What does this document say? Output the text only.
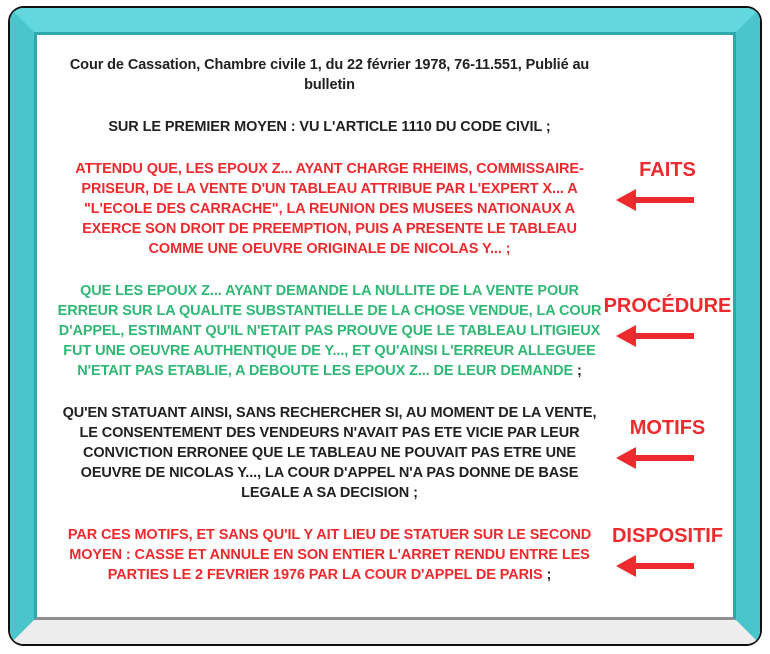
Cour de Cassation, Chambre civile 1, du 22 février 1978, 76-11.551, Publié au bulletin

SUR LE PREMIER MOYEN : VU L'ARTICLE 1110 DU CODE CIVIL ;

ATTENDU QUE, LES EPOUX Z... AYANT CHARGE RHEIMS, COMMISSAIRE-PRISEUR, DE LA VENTE D'UN TABLEAU ATTRIBUE PAR L'EXPERT X... A "L'ECOLE DES CARRACHE", LA REUNION DES MUSEES NATIONAUX A EXERCE SON DROIT DE PREEMPTION, PUIS A PRESENTE LE TABLEAU COMME UNE OEUVRE ORIGINALE DE NICOLAS Y... ;

FAITS

QUE LES EPOUX Z... AYANT DEMANDE LA NULLITE DE LA VENTE POUR ERREUR SUR LA QUALITE SUBSTANTIELLE DE LA CHOSE VENDUE, LA COUR D'APPEL, ESTIMANT QU'IL N'ETAIT PAS PROUVE QUE LE TABLEAU LITIGIEUX FUT UNE OEUVRE AUTHENTIQUE DE Y..., ET QU'AINSI L'ERREUR ALLEGUEE N'ETAIT PAS ETABLIE, A DEBOUTE LES EPOUX Z... DE LEUR DEMANDE ;

PROCÉDURE

QU'EN STATUANT AINSI, SANS RECHERCHER SI, AU MOMENT DE LA VENTE, LE CONSENTEMENT DES VENDEURS N'AVAIT PAS ETE VICIE PAR LEUR CONVICTION ERRONEE QUE LE TABLEAU NE POUVAIT PAS ETRE UNE OEUVRE DE NICOLAS Y..., LA COUR D'APPEL N'A PAS DONNE DE BASE LEGALE A SA DECISION ;

MOTIFS

PAR CES MOTIFS, ET SANS QU'IL Y AIT LIEU DE STATUER SUR LE SECOND MOYEN : CASSE ET ANNULE EN SON ENTIER L'ARRET RENDU ENTRE LES PARTIES LE 2 FEVRIER 1976 PAR LA COUR D'APPEL DE PARIS ;

DISPOSITIF
